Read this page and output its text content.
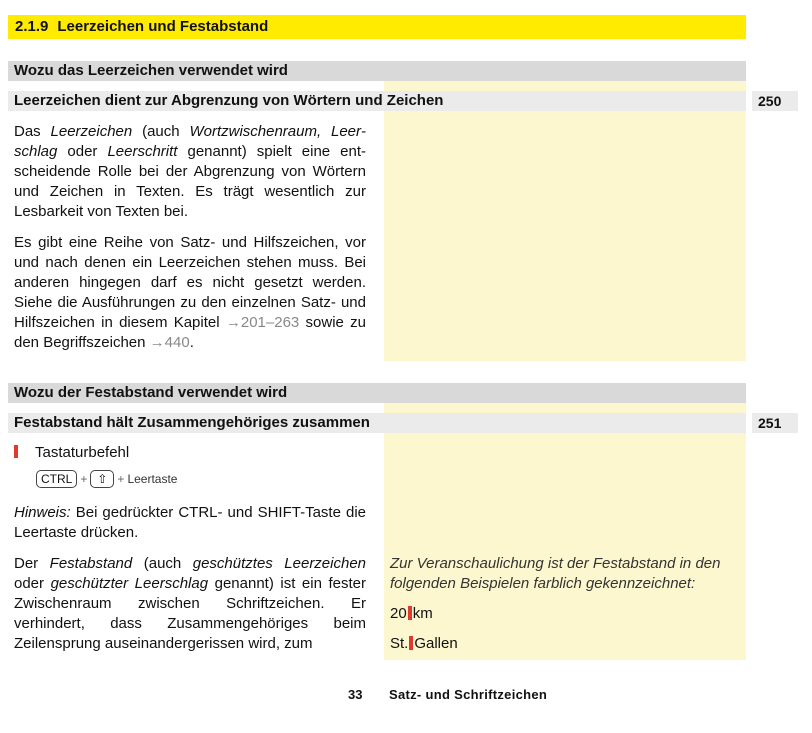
2.1.9 Leerzeichen und Festabstand
Wozu das Leerzeichen verwendet wird
Leerzeichen dient zur Abgrenzung von Wörtern und Zeichen	250

Das Leerzeichen (auch Wortzwischenraum, Leerschlag oder Leerschritt genannt) spielt eine entscheidende Rolle bei der Abgrenzung von Wörtern und Zeichen in Texten. Es trägt wesentlich zur Lesbarkeit von Texten bei.

Es gibt eine Reihe von Satz- und Hilfszeichen, vor und nach denen ein Leerzeichen stehen muss. Bei anderen hingegen darf es nicht gesetzt werden. Siehe die Ausführungen zu den einzelnen Satz- und Hilfszeichen in diesem Kapitel →201–263 sowie zu den Begriffszeichen →440.

Wozu der Festabstand verwendet wird
Festabstand hält Zusammengehöriges zusammen	251
Tastaturbefehl
CTRL + ⇧ + Leertaste

Hinweis: Bei gedrückter CTRL- und SHIFT-Taste die Leertaste drücken.

Der Festabstand (auch geschütztes Leerzeichen oder geschützter Leerschlag genannt) ist ein fester Zwischenraum zwischen Schriftzeichen. Er verhindert, dass Zusammengehöriges beim Zeilensprung auseinandergerissen wird, zum

Zur Veranschaulichung ist der Festabstand in den folgenden Beispielen farblich gekennzeichnet:

20 km
St. Gallen
33 Satz- und Schriftzeichen
